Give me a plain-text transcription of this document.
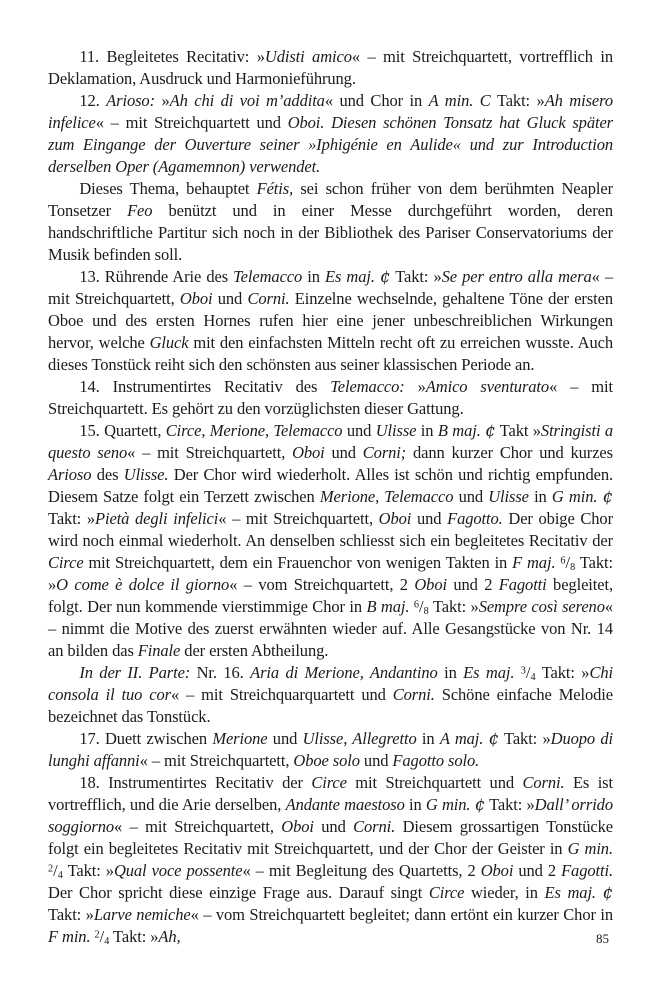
11. Begleitetes Recitativ: »Udisti amico« – mit Streichquartett, vortrefflich in Deklamation, Ausdruck und Harmonieführung.

12. Arioso: »Ah chi di voi m’addita« und Chor in A min. C Takt: »Ah misero infelice« – mit Streichquartett und Oboi. Diesen schönen Tonsatz hat Gluck später zum Eingange der Ouverture seiner »Iphigénie en Aulide« und zur Introduction derselben Oper (Agamemnon) verwendet.

Dieses Thema, behauptet Fétis, sei schon früher von dem berühmten Neapler Tonsetzer Feo benützt und in einer Messe durchgeführt worden, deren handschriftliche Partitur sich noch in der Bibliothek des Pariser Conservatoriums der Musik befinden soll.

13. Rührende Arie des Telemacco in Es maj. ¢ Takt: »Se per entro alla mera« – mit Streichquartett, Oboi und Corni. Einzelne wechselnde, gehaltene Töne der ersten Oboe und des ersten Hornes rufen hier eine jener unbeschreiblichen Wirkungen hervor, welche Gluck mit den einfachsten Mitteln recht oft zu erreichen wusste. Auch dieses Tonstück reiht sich den schönsten aus seiner klassischen Periode an.

14. Instrumentirtes Recitativ des Telemacco: »Amico sventurato« – mit Streichquartett. Es gehört zu den vorzüglichsten dieser Gattung.

15. Quartett, Circe, Merione, Telemacco und Ulisse in B maj. ¢ Takt »Stringisti a questo seno« – mit Streichquartett, Oboi und Corni; dann kurzer Chor und kurzes Arioso des Ulisse. Der Chor wird wiederholt. Alles ist schön und richtig empfunden. Diesem Satze folgt ein Terzett zwischen Merione, Telemacco und Ulisse in G min. ¢ Takt: »Pietà degli infelici« – mit Streichquartett, Oboi und Fagotto. Der obige Chor wird noch einmal wiederholt. An denselben schliesst sich ein begleitetes Recitativ der Circe mit Streichquartett, dem ein Frauenchor von wenigen Takten in F maj. $^6/_8$ Takt: »O come è dolce il giorno« – vom Streichquartett, 2 Oboi und 2 Fagotti begleitet, folgt. Der nun kommende vierstimmige Chor in B maj. $^6/_8$ Takt: »Sempre così sereno« – nimmt die Motive des zuerst erwähnten wieder auf. Alle Gesangstücke von Nr. 14 an bilden das Finale der ersten Abtheilung.

In der II. Parte: Nr. 16. Aria di Merione, Andantino in Es maj. $^3/_4$ Takt: »Chi consola il tuo cor« – mit Streichquarquartett und Corni. Schöne einfache Melodie bezeichnet das Tonstück.

17. Duett zwischen Merione und Ulisse, Allegretto in A maj. ¢ Takt: »Duopo di lunghi affanni« – mit Streichquartett, Oboe solo und Fagotto solo.

18. Instrumentirtes Recitativ der Circe mit Streichquartett und Corni. Es ist vortrefflich, und die Arie derselben, Andante maestoso in G min. ¢ Takt: »Dall’ orrido soggiorno« – mit Streichquartett, Oboi und Corni. Diesem grossartigen Tonstücke folgt ein begleitetes Recitativ mit Streichquartett, und der Chor der Geister in G min. $^2/_4$ Takt: »Qual voce possente« – mit Begleitung des Quartetts, 2 Oboi und 2 Fagotti. Der Chor spricht diese einzige Frage aus. Darauf singt Circe wieder, in Es maj. ¢ Takt: »Larve nemiche« – vom Streichquartett begleitet; dann ertönt ein kurzer Chor in F min. $^2/_4$ Takt: »Ah,	85
